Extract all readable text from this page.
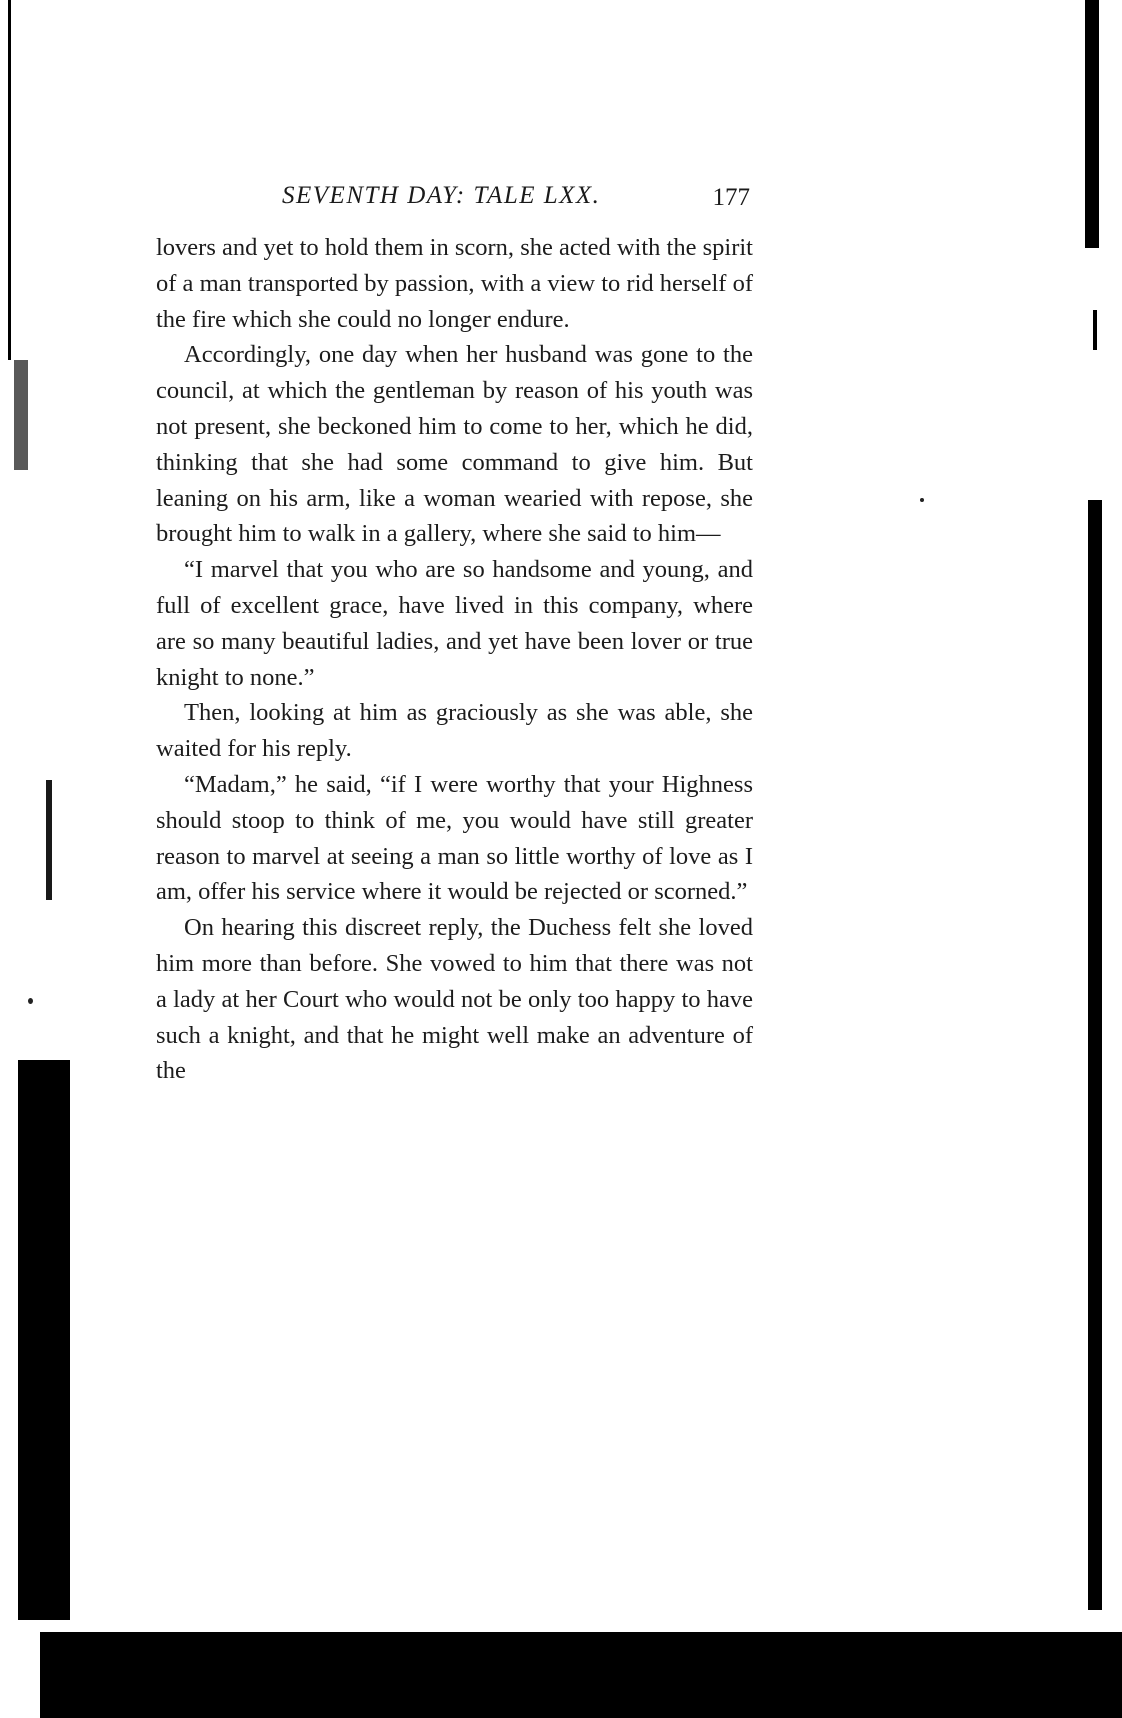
SEVENTH DAY: TALE LXX.	177

lovers and yet to hold them in scorn, she acted with the spirit of a man transported by passion, with a view to rid herself of the fire which she could no longer endure.

Accordingly, one day when her husband was gone to the council, at which the gentleman by reason of his youth was not present, she beckoned him to come to her, which he did, thinking that she had some command to give him. But leaning on his arm, like a woman wearied with repose, she brought him to walk in a gallery, where she said to him—

“I marvel that you who are so handsome and young, and full of excellent grace, have lived in this company, where are so many beautiful ladies, and yet have been lover or true knight to none.”

Then, looking at him as graciously as she was able, she waited for his reply.

“Madam,” he said, “if I were worthy that your Highness should stoop to think of me, you would have still greater reason to marvel at seeing a man so little worthy of love as I am, offer his service where it would be rejected or scorned.”

On hearing this discreet reply, the Duchess felt she loved him more than before. She vowed to him that there was not a lady at her Court who would not be only too happy to have such a knight, and that he might well make an adventure of the
